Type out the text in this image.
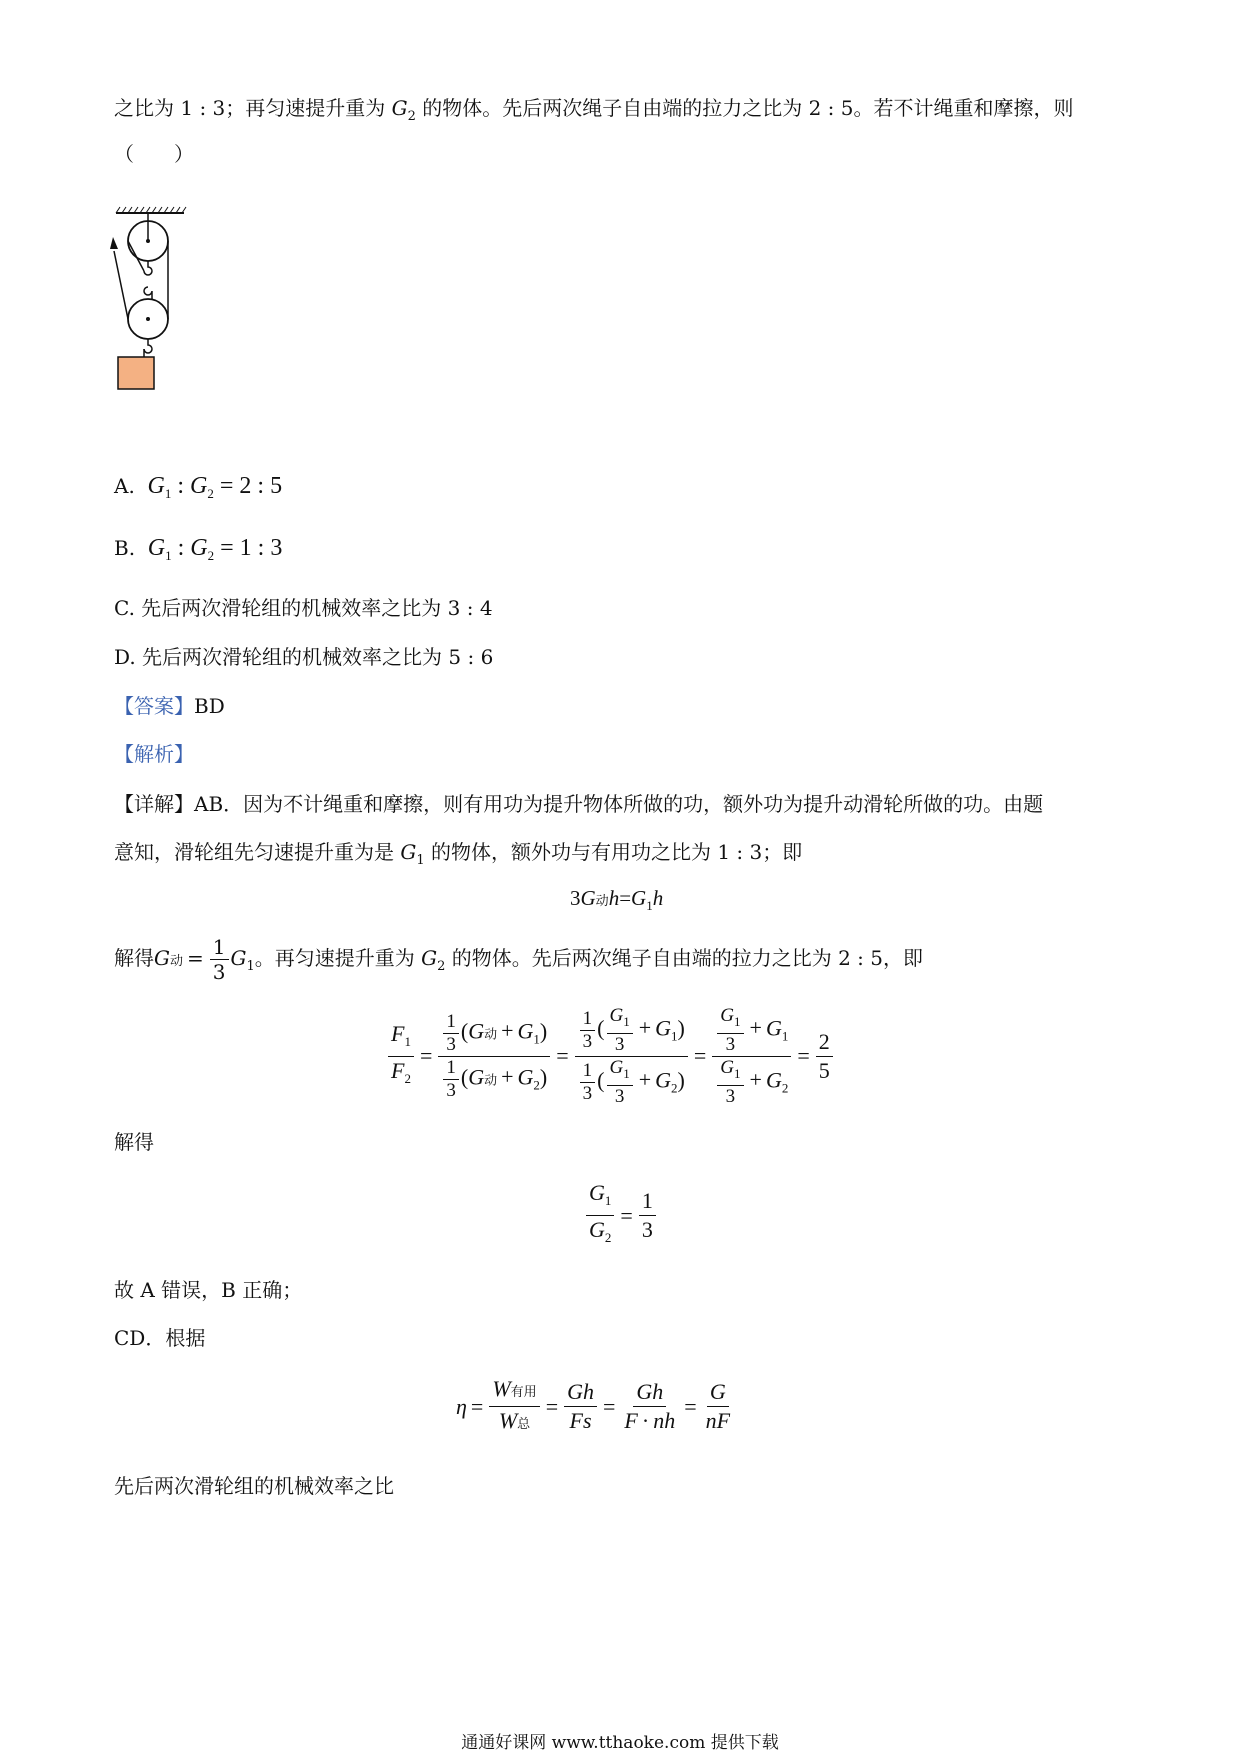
之比为 1 : 3；再匀速提升重为 $G_2$ 的物体。先后两次绳子自由端的拉力之比为 2 : 5。若不计绳重和摩擦，则
（　　）
A. $G_1$ : $G_2 = 2$ : 5
B. $G_1$ : $G_2 = 1$ : 3
C. 先后两次滑轮组的机械效率之比为 3 : 4
D. 先后两次滑轮组的机械效率之比为 5 : 6
【答案】BD
【解析】
【详解】AB．因为不计绳重和摩擦，则有用功为提升物体所做的功，额外功为提升动滑轮所做的功。由题
意知，滑轮组先匀速提升重为是 $G_1$ 的物体，额外功与有用功之比为 1 : 3；即
3G动$h=G_1h$
解得G动 = $\frac{1}{3} G_1$。再匀速提升重为 $G_2$ 的物体。先后两次绳子自由端的拉力之比为 2 : 5，即
$\frac{F_1}{F_2} = \frac{\frac{1}{3} (G动 + G_1)}{\frac{1}{3} (G动 + G_2)} = \frac{\frac{1}{3} ( \frac{G_1}{3} + G_1)}{\frac{1}{3} ( \frac{G_1}{3} + G_2)} = \frac{\frac{G_1}{3} + G_1}{\frac{G_1}{3} + G_2} = \frac{2}{5}$
解得
$\frac{G_1}{G_2} = \frac{1}{3}$
故 A 错误，B 正确；
CD．根据
$\eta = \frac{\text{W有用}}{\text{W总}} = \frac{Gh}{Fs} = \frac{Gh}{F \cdot nh} = \frac{G}{nF}$
先后两次滑轮组的机械效率之比
通通好课网 www.tthaoke.com 提供下载
